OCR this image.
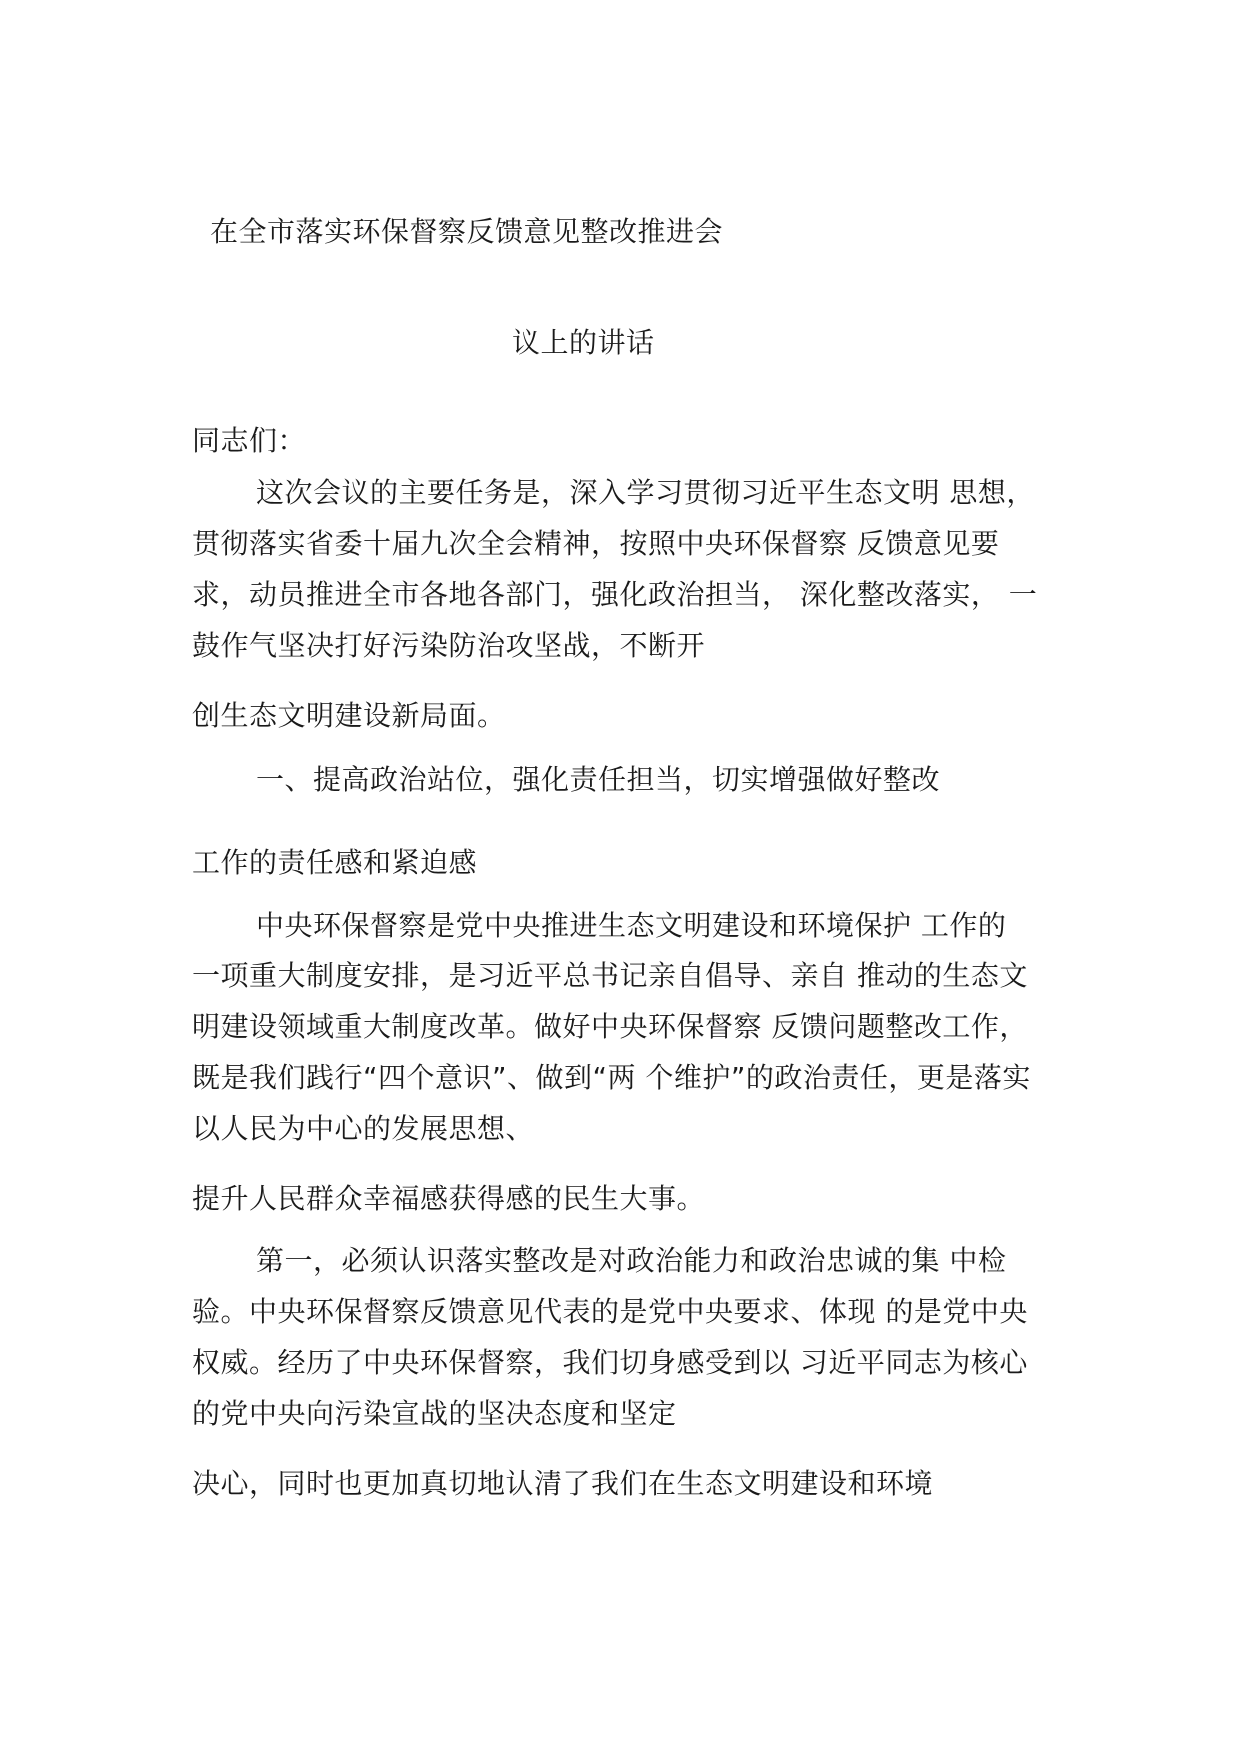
在全市落实环保督察反馈意见整改推进会
议上的讲话
同志们：
这次会议的主要任务是，深入学习贯彻习近平生态文明 思想，
贯彻落实省委十届九次全会精神，按照中央环保督察 反馈意见要
求，动员推进全市各地各部门，强化政治担当， 深化整改落实， 一
鼓作气坚决打好污染防治攻坚战，不断开
创生态文明建设新局面。
一、提高政治站位，强化责任担当，切实增强做好整改
工作的责任感和紧迫感
中央环保督察是党中央推进生态文明建设和环境保护 工作的
一项重大制度安排，是习近平总书记亲自倡导、亲自 推动的生态文
明建设领域重大制度改革。做好中央环保督察 反馈问题整改工作，
既是我们践行“四个意识”、做到“两 个维护”的政治责任，更是落实
以人民为中心的发展思想、
提升人民群众幸福感获得感的民生大事。
第一，必须认识落实整改是对政治能力和政治忠诚的集 中检
验。中央环保督察反馈意见代表的是党中央要求、体现 的是党中央
权威。经历了中央环保督察，我们切身感受到以 习近平同志为核心
的党中央向污染宣战的坚决态度和坚定
决心，同时也更加真切地认清了我们在生态文明建设和环境
